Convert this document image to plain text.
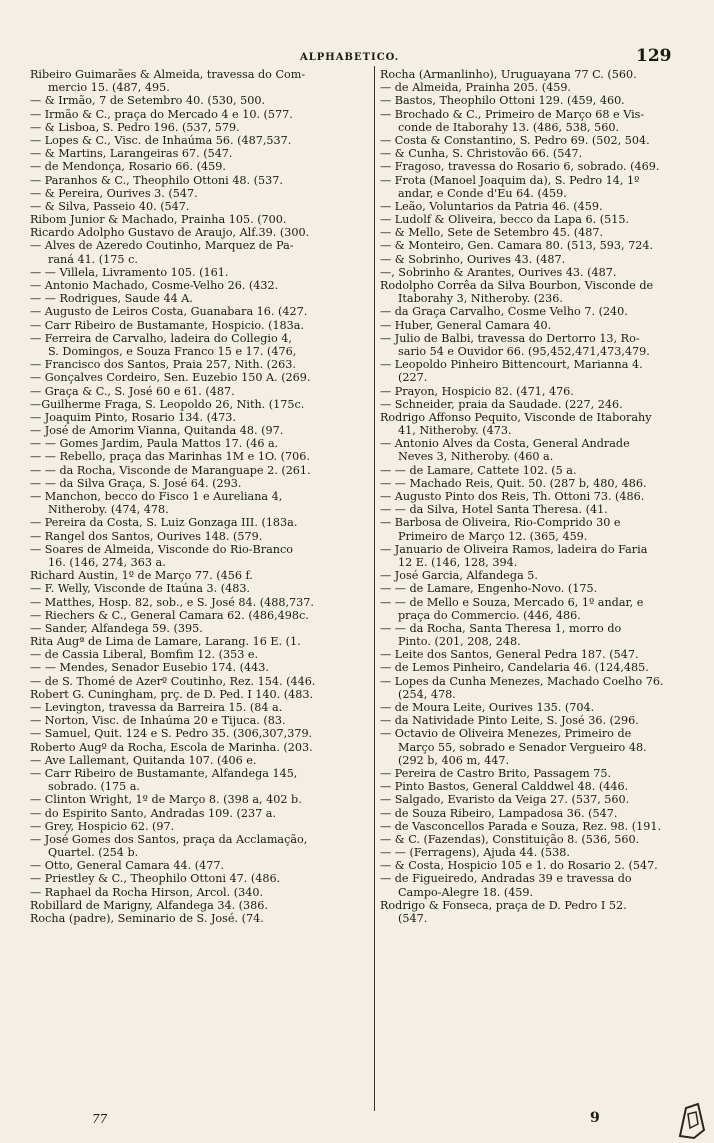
ALPHABETICO.	129
Ribeiro Guimarães & Almeida, travessa do Com-
mercio 15. (487, 495.
— & Irmão, 7 de Setembro 40. (530, 500.
— Irmão & C., praça do Mercado 4 e 10. (577.
— & Lisboa, S. Pedro 196. (537, 579.
— Lopes & C., Visc. de Inhaúma 56. (487,537.
— & Martins, Larangeiras 67. (547.
— de Mendonça, Rosario 66. (459.
— Paranhos & C., Theophilo Ottoni 48. (537.
— & Pereira, Ourives 3. (547.
— & Silva, Passeio 40. (547.
Ribom Junior & Machado, Prainha 105. (700.
Ricardo Adolpho Gustavo de Araujo, Alf.39. (300.
— Alves de Azeredo Coutinho, Marquez de Pa-
raná 41. (175 c.
— — Villela, Livramento 105. (161.
— Antonio Machado, Cosme-Velho 26. (432.
— — Rodrigues, Saude 44 A.
— Augusto de Leiros Costa, Guanabara 16. (427.
— Carr Ribeiro de Bustamante, Hospicio. (183a.
— Ferreira de Carvalho, ladeira do Collegio 4,
S. Domingos, e Souza Franco 15 e 17. (476,
— Francisco dos Santos, Praia 257, Nith. (263.
— Gonçalves Cordeiro, Sen. Euzebio 150 A. (269.
— Graça & C., S. José 60 e 61. (487.
—Guilherme Fraga, S. Leopoldo 26, Nith. (175c.
— Joaquim Pinto, Rosario 134. (473.
— José de Amorim Vianna, Quitanda 48. (97.
— — Gomes Jardim, Paula Mattos 17. (46 a.
— — Rebello, praça das Marinhas 1M e 1O. (706.
— — da Rocha, Visconde de Maranguape 2. (261.
— — da Silva Graça, S. José 64. (293.
— Manchon, becco do Fisco 1 e Aureliana 4,
Nitheroby. (474, 478.
— Pereira da Costa, S. Luiz Gonzaga III. (183a.
— Rangel dos Santos, Ourives 148. (579.
— Soares de Almeida, Visconde do Rio-Branco
16. (146, 274, 363 a.
Richard Austin, 1º de Março 77. (456 f.
— F. Welly, Visconde de Itaúna 3. (483.
— Matthes, Hosp. 82, sob., e S. José 84. (488,737.
— Riechers & C., General Camara 62. (486,498c.
— Sander, Alfandega 59. (395.
Rita Augª de Lima de Lamare, Larang. 16 E. (1.
— de Cassia Liberal, Bomfim 12. (353 e.
— — Mendes, Senador Eusebio 174. (443.
— de S. Thomé de Azerº Coutinho, Rez. 154. (446.
Robert G. Cuningham, prç. de D. Ped. I 140. (483.
— Levington, travessa da Barreira 15. (84 a.
— Norton, Visc. de Inhaúma 20 e Tijuca. (83.
— Samuel, Quit. 124 e S. Pedro 35. (306,307,379.
Roberto Augº da Rocha, Escola de Marinha. (203.
— Ave Lallemant, Quitanda 107. (406 e.
— Carr Ribeiro de Bustamante, Alfandega 145,
sobrado. (175 a.
— Clinton Wright, 1º de Março 8. (398 a, 402 b.
— do Espirito Santo, Andradas 109. (237 a.
— Grey, Hospicio 62. (97.
— José Gomes dos Santos, praça da Acclamação,
Quartel. (254 b.
— Otto, General Camara 44. (477.
— Priestley & C., Theophilo Ottoni 47. (486.
— Raphael da Rocha Hirson, Arcol. (340.
Robillard de Marigny, Alfandega 34. (386.
Rocha (padre), Seminario de S. José. (74.
Rocha (Armanlinho), Uruguayana 77 C. (560.
— de Almeida, Prainha 205. (459.
— Bastos, Theophilo Ottoni 129. (459, 460.
— Brochado & C., Primeiro de Março 68 e Vis-
conde de Itaborahy 13. (486, 538, 560.
— Costa & Constantino, S. Pedro 69. (502, 504.
— & Cunha, S. Christovão 66. (547.
— Fragoso, travessa do Rosario 6, sobrado. (469.
— Frota (Manoel Joaquim da), S. Pedro 14, 1º
andar, e Conde d'Eu 64. (459.
— Leão, Voluntarios da Patria 46. (459.
— Ludolf & Oliveira, becco da Lapa 6. (515.
— & Mello, Sete de Setembro 45. (487.
— & Monteiro, Gen. Camara 80. (513, 593, 724.
— & Sobrinho, Ourives 43. (487.
—, Sobrinho & Arantes, Ourives 43. (487.
Rodolpho Corrêa da Silva Bourbon, Visconde de
Itaborahy 3, Nitheroby. (236.
— da Graça Carvalho, Cosme Velho 7. (240.
— Huber, General Camara 40.
— Julio de Balbi, travessa do Dertorro 13, Ro-
sario 54 e Ouvidor 66. (95,452,471,473,479.
— Leopoldo Pinheiro Bittencourt, Marianna 4.
(227.
— Prayon, Hospicio 82. (471, 476.
— Schneider, praia da Saudade. (227, 246.
Rodrigo Affonso Pequito, Visconde de Itaborahy
41, Nitheroby. (473.
— Antonio Alves da Costa, General Andrade
Neves 3, Nitheroby. (460 a.
— — de Lamare, Cattete 102. (5 a.
— — Machado Reis, Quit. 50. (287 b, 480, 486.
— Augusto Pinto dos Reis, Th. Ottoni 73. (486.
— — da Silva, Hotel Santa Theresa. (41.
— Barbosa de Oliveira, Rio-Comprido 30 e
Primeiro de Março 12. (365, 459.
— Januario de Oliveira Ramos, ladeira do Faria
12 E. (146, 128, 394.
— José Garcia, Alfandega 5.
— — de Lamare, Engenho-Novo. (175.
— — de Mello e Souza, Mercado 6, 1º andar, e
praça do Commercio. (446, 486.
— — da Rocha, Santa Theresa 1, morro do
Pinto. (201, 208, 248.
— Leite dos Santos, General Pedra 187. (547.
— de Lemos Pinheiro, Candelaria 46. (124,485.
— Lopes da Cunha Menezes, Machado Coelho 76.
(254, 478.
— de Moura Leite, Ourives 135. (704.
— da Natividade Pinto Leite, S. José 36. (296.
— Octavio de Oliveira Menezes, Primeiro de
Março 55, sobrado e Senador Vergueiro 48.
(292 b, 406 m, 447.
— Pereira de Castro Brito, Passagem 75.
— Pinto Bastos, General Calddwel 48. (446.
— Salgado, Evaristo da Veiga 27. (537, 560.
— de Souza Ribeiro, Lampadosa 36. (547.
— de Vasconcellos Parada e Souza, Rez. 98. (191.
— & C. (Fazendas), Constituição 8. (536, 560.
— — (Ferragens), Ajuda 44. (538.
— & Costa, Hospicio 105 e 1. do Rosario 2. (547.
— de Figueiredo, Andradas 39 e travessa do
Campo-Alegre 18. (459.
Rodrigo & Fonseca, praça de D. Pedro I 52.
(547.
77	9
